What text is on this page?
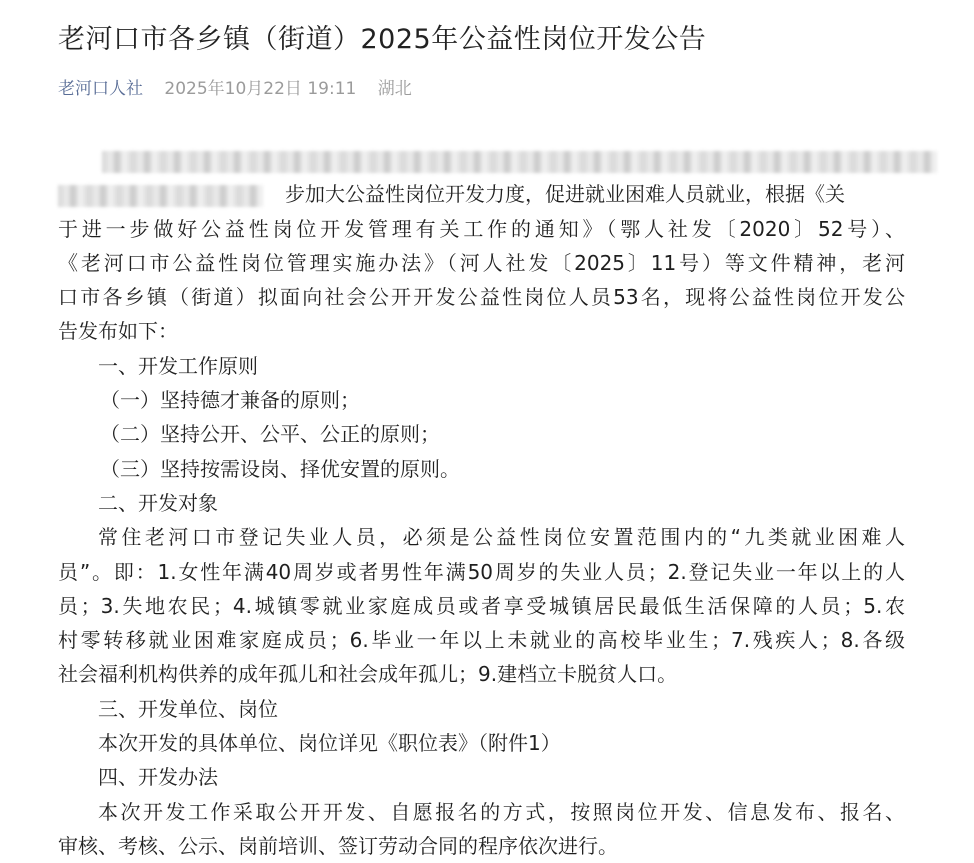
老河口市各乡镇（街道）2025年公益性岗位开发公告
老河口人社 2025年10月22日 19:11 湖北
步加大公益性岗位开发力度，促进就业困难人员就业，根据《关
于进一步做好公益性岗位开发管理有关工作的通知》（鄂人社发〔2020〕52号）、
《老河口市公益性岗位管理实施办法》（河人社发〔2025〕11号）等文件精神，老河
口市各乡镇（街道）拟面向社会公开开发公益性岗位人员53名，现将公益性岗位开发公
告发布如下：
一、开发工作原则
（一）坚持德才兼备的原则；
（二）坚持公开、公平、公正的原则；
（三）坚持按需设岗、择优安置的原则。
二、开发对象
常住老河口市登记失业人员，必须是公益性岗位安置范围内的“九类就业困难人
员”。即：1.女性年满40周岁或者男性年满50周岁的失业人员；2.登记失业一年以上的人
员；3.失地农民；4.城镇零就业家庭成员或者享受城镇居民最低生活保障的人员；5.农
村零转移就业困难家庭成员；6.毕业一年以上未就业的高校毕业生；7.残疾人；8.各级
社会福利机构供养的成年孤儿和社会成年孤儿；9.建档立卡脱贫人口。
三、开发单位、岗位
本次开发的具体单位、岗位详见《职位表》（附件1）
四、开发办法
本次开发工作采取公开开发、自愿报名的方式，按照岗位开发、信息发布、报名、
审核、考核、公示、岗前培训、签订劳动合同的程序依次进行。
